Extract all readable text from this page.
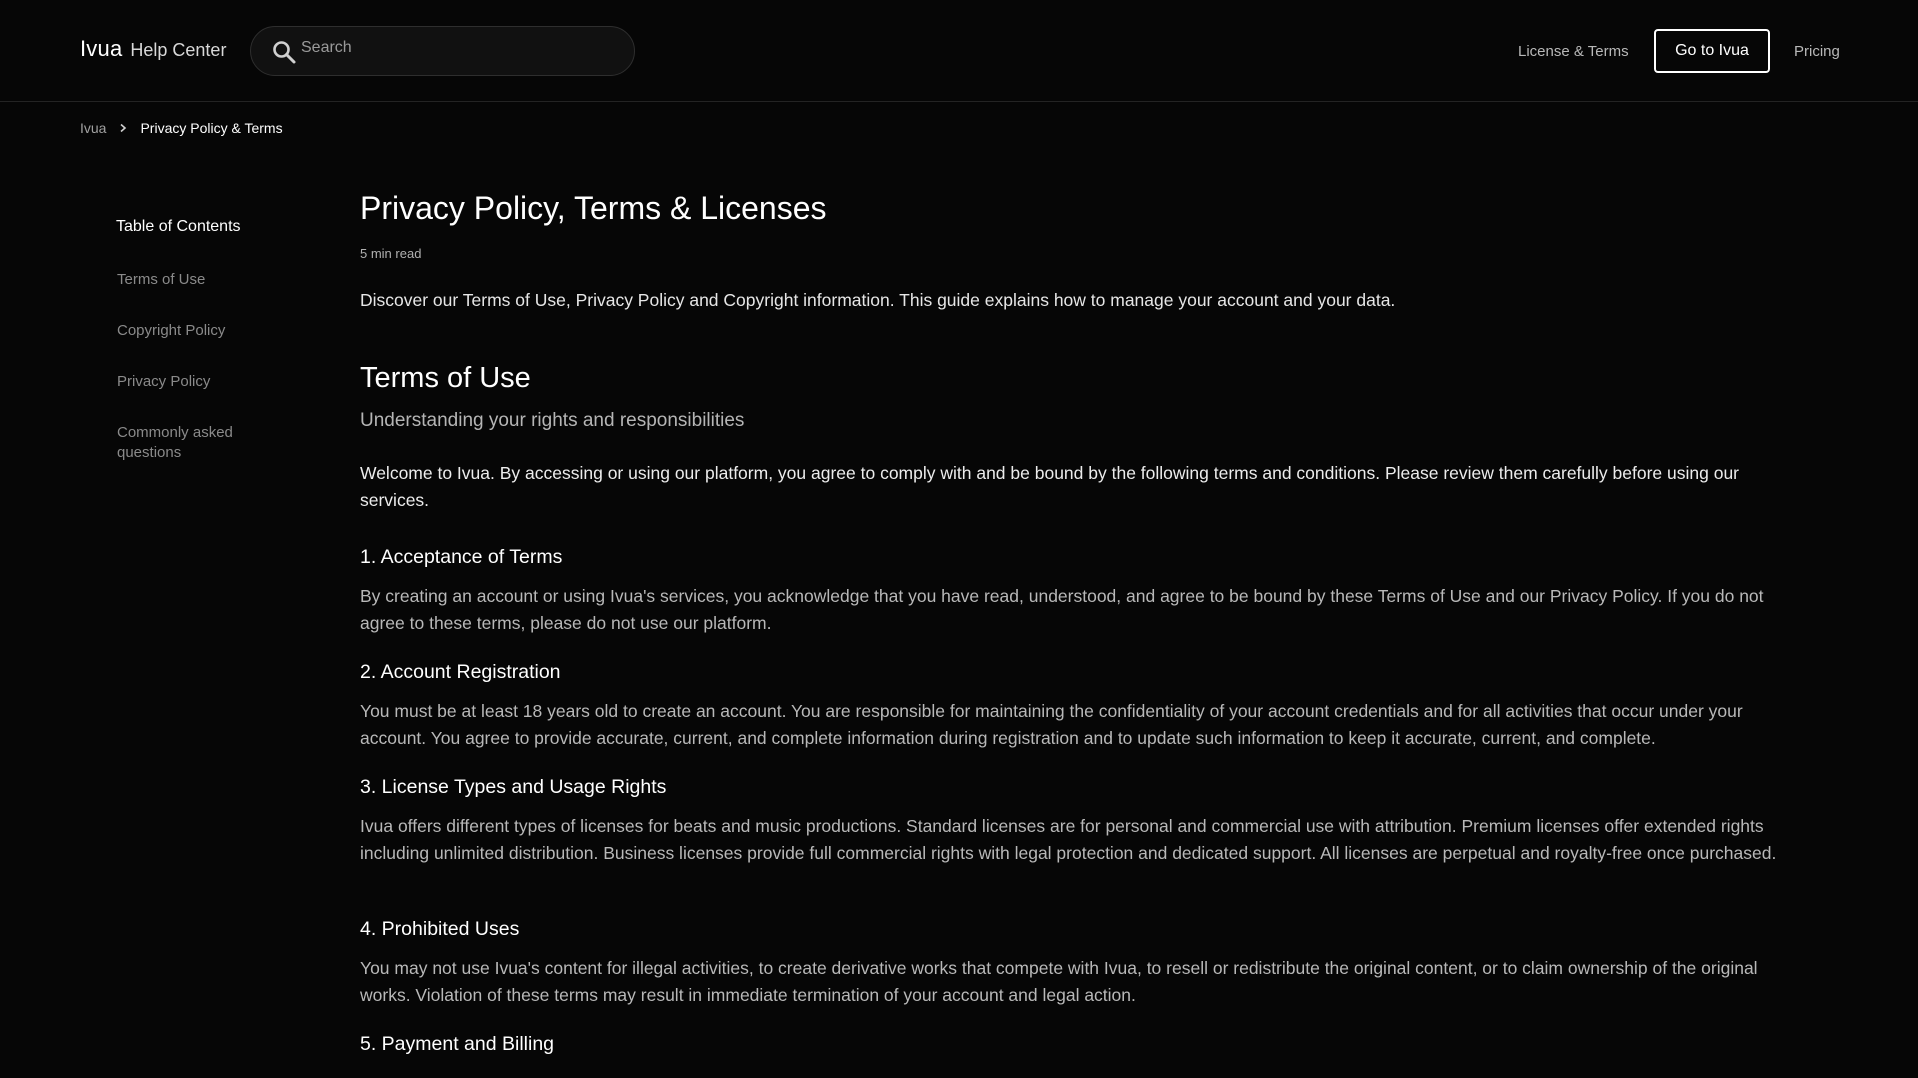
Ivua Help Center
Search	License & Terms	Go to Ivua	Pricing
Ivua Privacy Policy & Terms
Table of Contents
Terms of Use
Copyright Policy
Privacy Policy
Commonly asked questions
Privacy Policy, Terms & Licenses
5 min read

Discover our Terms of Use, Privacy Policy and Copyright information. This guide explains how to manage your account and your data.

Terms of Use
Understanding your rights and responsibilities

Welcome to Ivua. By accessing or using our platform, you agree to comply with and be bound by the following terms and conditions. Please review them carefully before using our services.

1. Acceptance of Terms

By creating an account or using Ivua's services, you acknowledge that you have read, understood, and agree to be bound by these Terms of Use and our Privacy Policy. If you do not agree to these terms, please do not use our platform.

2. Account Registration

You must be at least 18 years old to create an account. You are responsible for maintaining the confidentiality of your account credentials and for all activities that occur under your account. You agree to provide accurate, current, and complete information during registration and to update such information to keep it accurate, current, and complete.

3. License Types and Usage Rights

Ivua offers different types of licenses for beats and music productions. Standard licenses are for personal and commercial use with attribution. Premium licenses offer extended rights including unlimited distribution. Business licenses provide full commercial rights with legal protection and dedicated support. All licenses are perpetual and royalty-free once purchased.

4. Prohibited Uses

You may not use Ivua's content for illegal activities, to create derivative works that compete with Ivua, to resell or redistribute the original content, or to claim ownership of the original works. Violation of these terms may result in immediate termination of your account and legal action.

5. Payment and Billing
